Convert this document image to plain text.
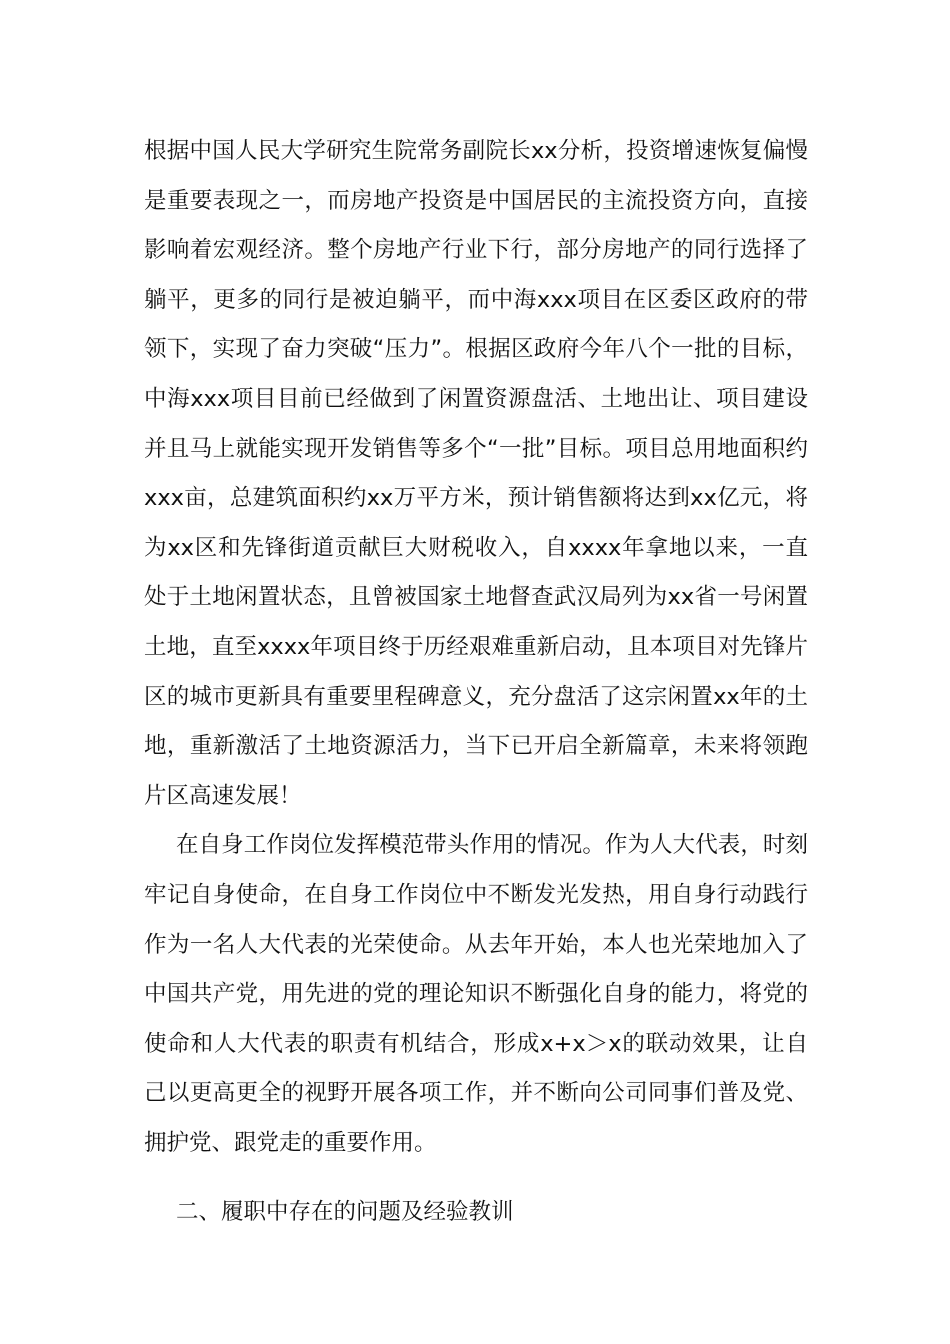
根据中国人民大学研究生院常务副院长xx分析，投资增速恢复偏慢是重要表现之一，而房地产投资是中国居民的主流投资方向，直接影响着宏观经济。整个房地产行业下行，部分房地产的同行选择了躺平，更多的同行是被迫躺平，而中海xxx项目在区委区政府的带领下，实现了奋力突破“压力”。根据区政府今年八个一批的目标，中海xxx项目目前已经做到了闲置资源盘活、土地出让、项目建设并且马上就能实现开发销售等多个“一批”目标。项目总用地面积约xxx亩，总建筑面积约xx万平方米，预计销售额将达到xx亿元，将为xx区和先锋街道贡献巨大财税收入，自xxxx年拿地以来，一直处于土地闲置状态，且曾被国家土地督查武汉局列为xx省一号闲置土地，直至xxxx年项目终于历经艰难重新启动，且本项目对先锋片区的城市更新具有重要里程碑意义，充分盘活了这宗闲置xx年的土地，重新激活了土地资源活力，当下已开启全新篇章，未来将领跑片区高速发展！

在自身工作岗位发挥模范带头作用的情况。作为人大代表，时刻牢记自身使命，在自身工作岗位中不断发光发热，用自身行动践行作为一名人大代表的光荣使命。从去年开始，本人也光荣地加入了中国共产党，用先进的党的理论知识不断强化自身的能力，将党的使命和人大代表的职责有机结合，形成x+x＞x的联动效果，让自己以更高更全的视野开展各项工作，并不断向公司同事们普及党、拥护党、跟党走的重要作用。

二、履职中存在的问题及经验教训
